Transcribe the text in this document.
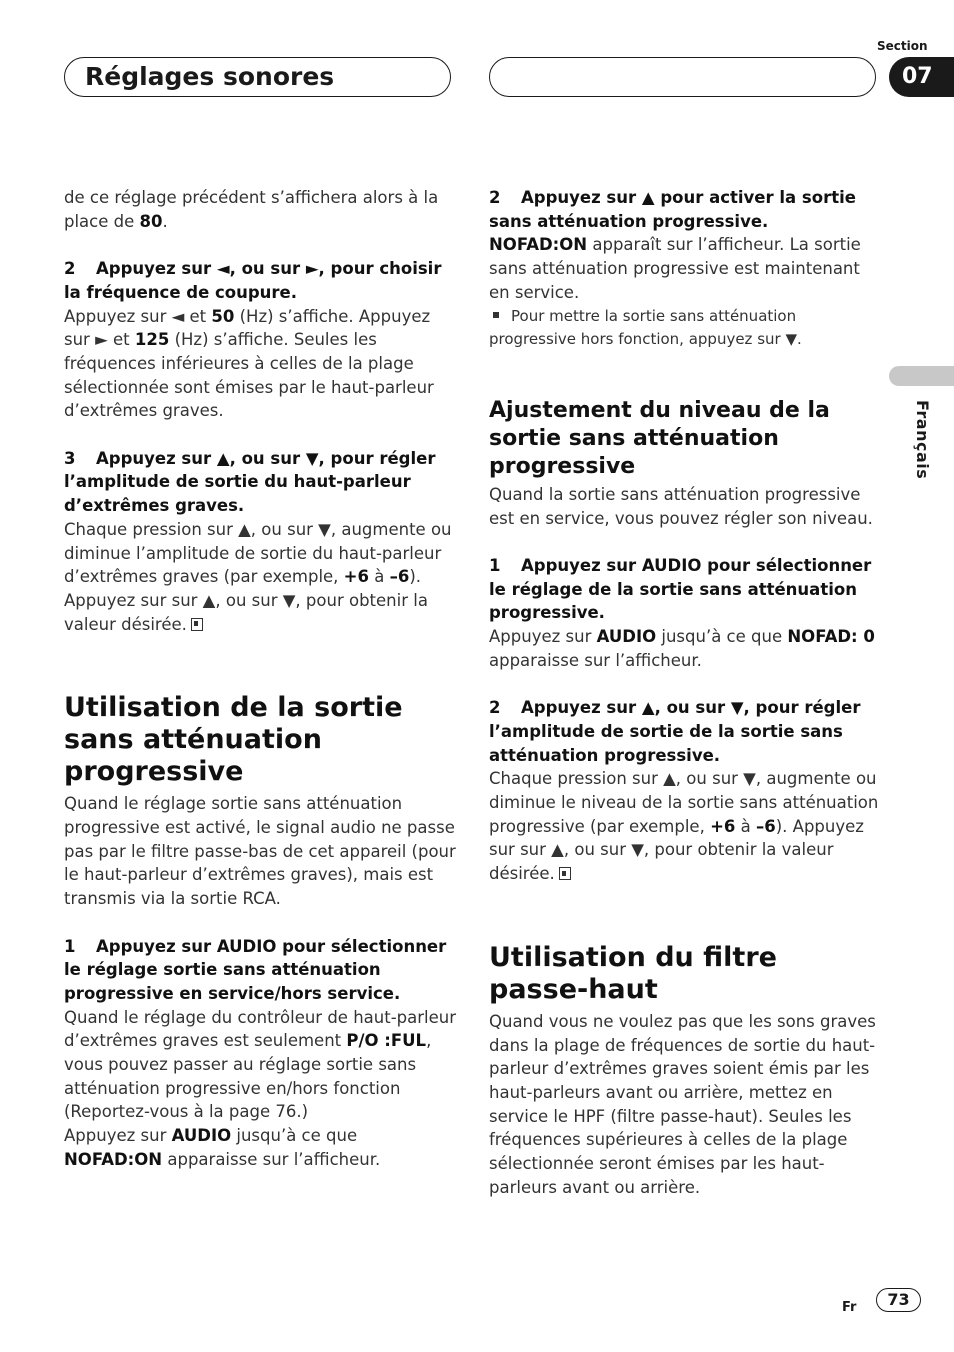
Réglages sonores
Section
07
Français
de ce réglage précédent s’affichera alors à la place de 80.
2 Appuyez sur ◄, ou sur ►, pour choisir la fréquence de coupure.
Appuyez sur ◄ et 50 (Hz) s’affiche. Appuyez sur ► et 125 (Hz) s’affiche. Seules les fréquences inférieures à celles de la plage sélectionnée sont émises par le haut-parleur d’extrêmes graves.
3 Appuyez sur ▲, ou sur ▼, pour régler l’amplitude de sortie du haut-parleur d’extrêmes graves.
Chaque pression sur ▲, ou sur ▼, augmente ou diminue l’amplitude de sortie du haut-parleur d’extrêmes graves (par exemple, +6 à –6). Appuyez sur sur ▲, ou sur ▼, pour obtenir la valeur désirée.
Utilisation de la sortie sans atténuation progressive
Quand le réglage sortie sans atténuation progressive est activé, le signal audio ne passe pas par le filtre passe-bas de cet appareil (pour le haut-parleur d’extrêmes graves), mais est transmis via la sortie RCA.
1 Appuyez sur AUDIO pour sélectionner le réglage sortie sans atténuation progressive en service/hors service.
Quand le réglage du contrôleur de haut-parleur d’extrêmes graves est seulement P/O :FUL, vous pouvez passer au réglage sortie sans atténuation progressive en/hors fonction (Reportez-vous à la page 76.)
Appuyez sur AUDIO jusqu’à ce que NOFAD:ON apparaisse sur l’afficheur.
2 Appuyez sur ▲ pour activer la sortie sans atténuation progressive.
NOFAD:ON apparaît sur l’afficheur. La sortie sans atténuation progressive est maintenant en service.
Pour mettre la sortie sans atténuation progressive hors fonction, appuyez sur ▼.
Ajustement du niveau de la sortie sans atténuation progressive
Quand la sortie sans atténuation progressive est en service, vous pouvez régler son niveau.
1 Appuyez sur AUDIO pour sélectionner le réglage de la sortie sans atténuation progressive.
Appuyez sur AUDIO jusqu’à ce que NOFAD: 0 apparaisse sur l’afficheur.
2 Appuyez sur ▲, ou sur ▼, pour régler l’amplitude de sortie de la sortie sans atténuation progressive.
Chaque pression sur ▲, ou sur ▼, augmente ou diminue le niveau de la sortie sans atténuation progressive (par exemple, +6 à –6). Appuyez sur sur ▲, ou sur ▼, pour obtenir la valeur désirée.
Utilisation du filtre passe-haut
Quand vous ne voulez pas que les sons graves dans la plage de fréquences de sortie du haut-parleur d’extrêmes graves soient émis par les haut-parleurs avant ou arrière, mettez en service le HPF (filtre passe-haut). Seules les fréquences supérieures à celles de la plage sélectionnée seront émises par les haut-parleurs avant ou arrière.
Fr	73
